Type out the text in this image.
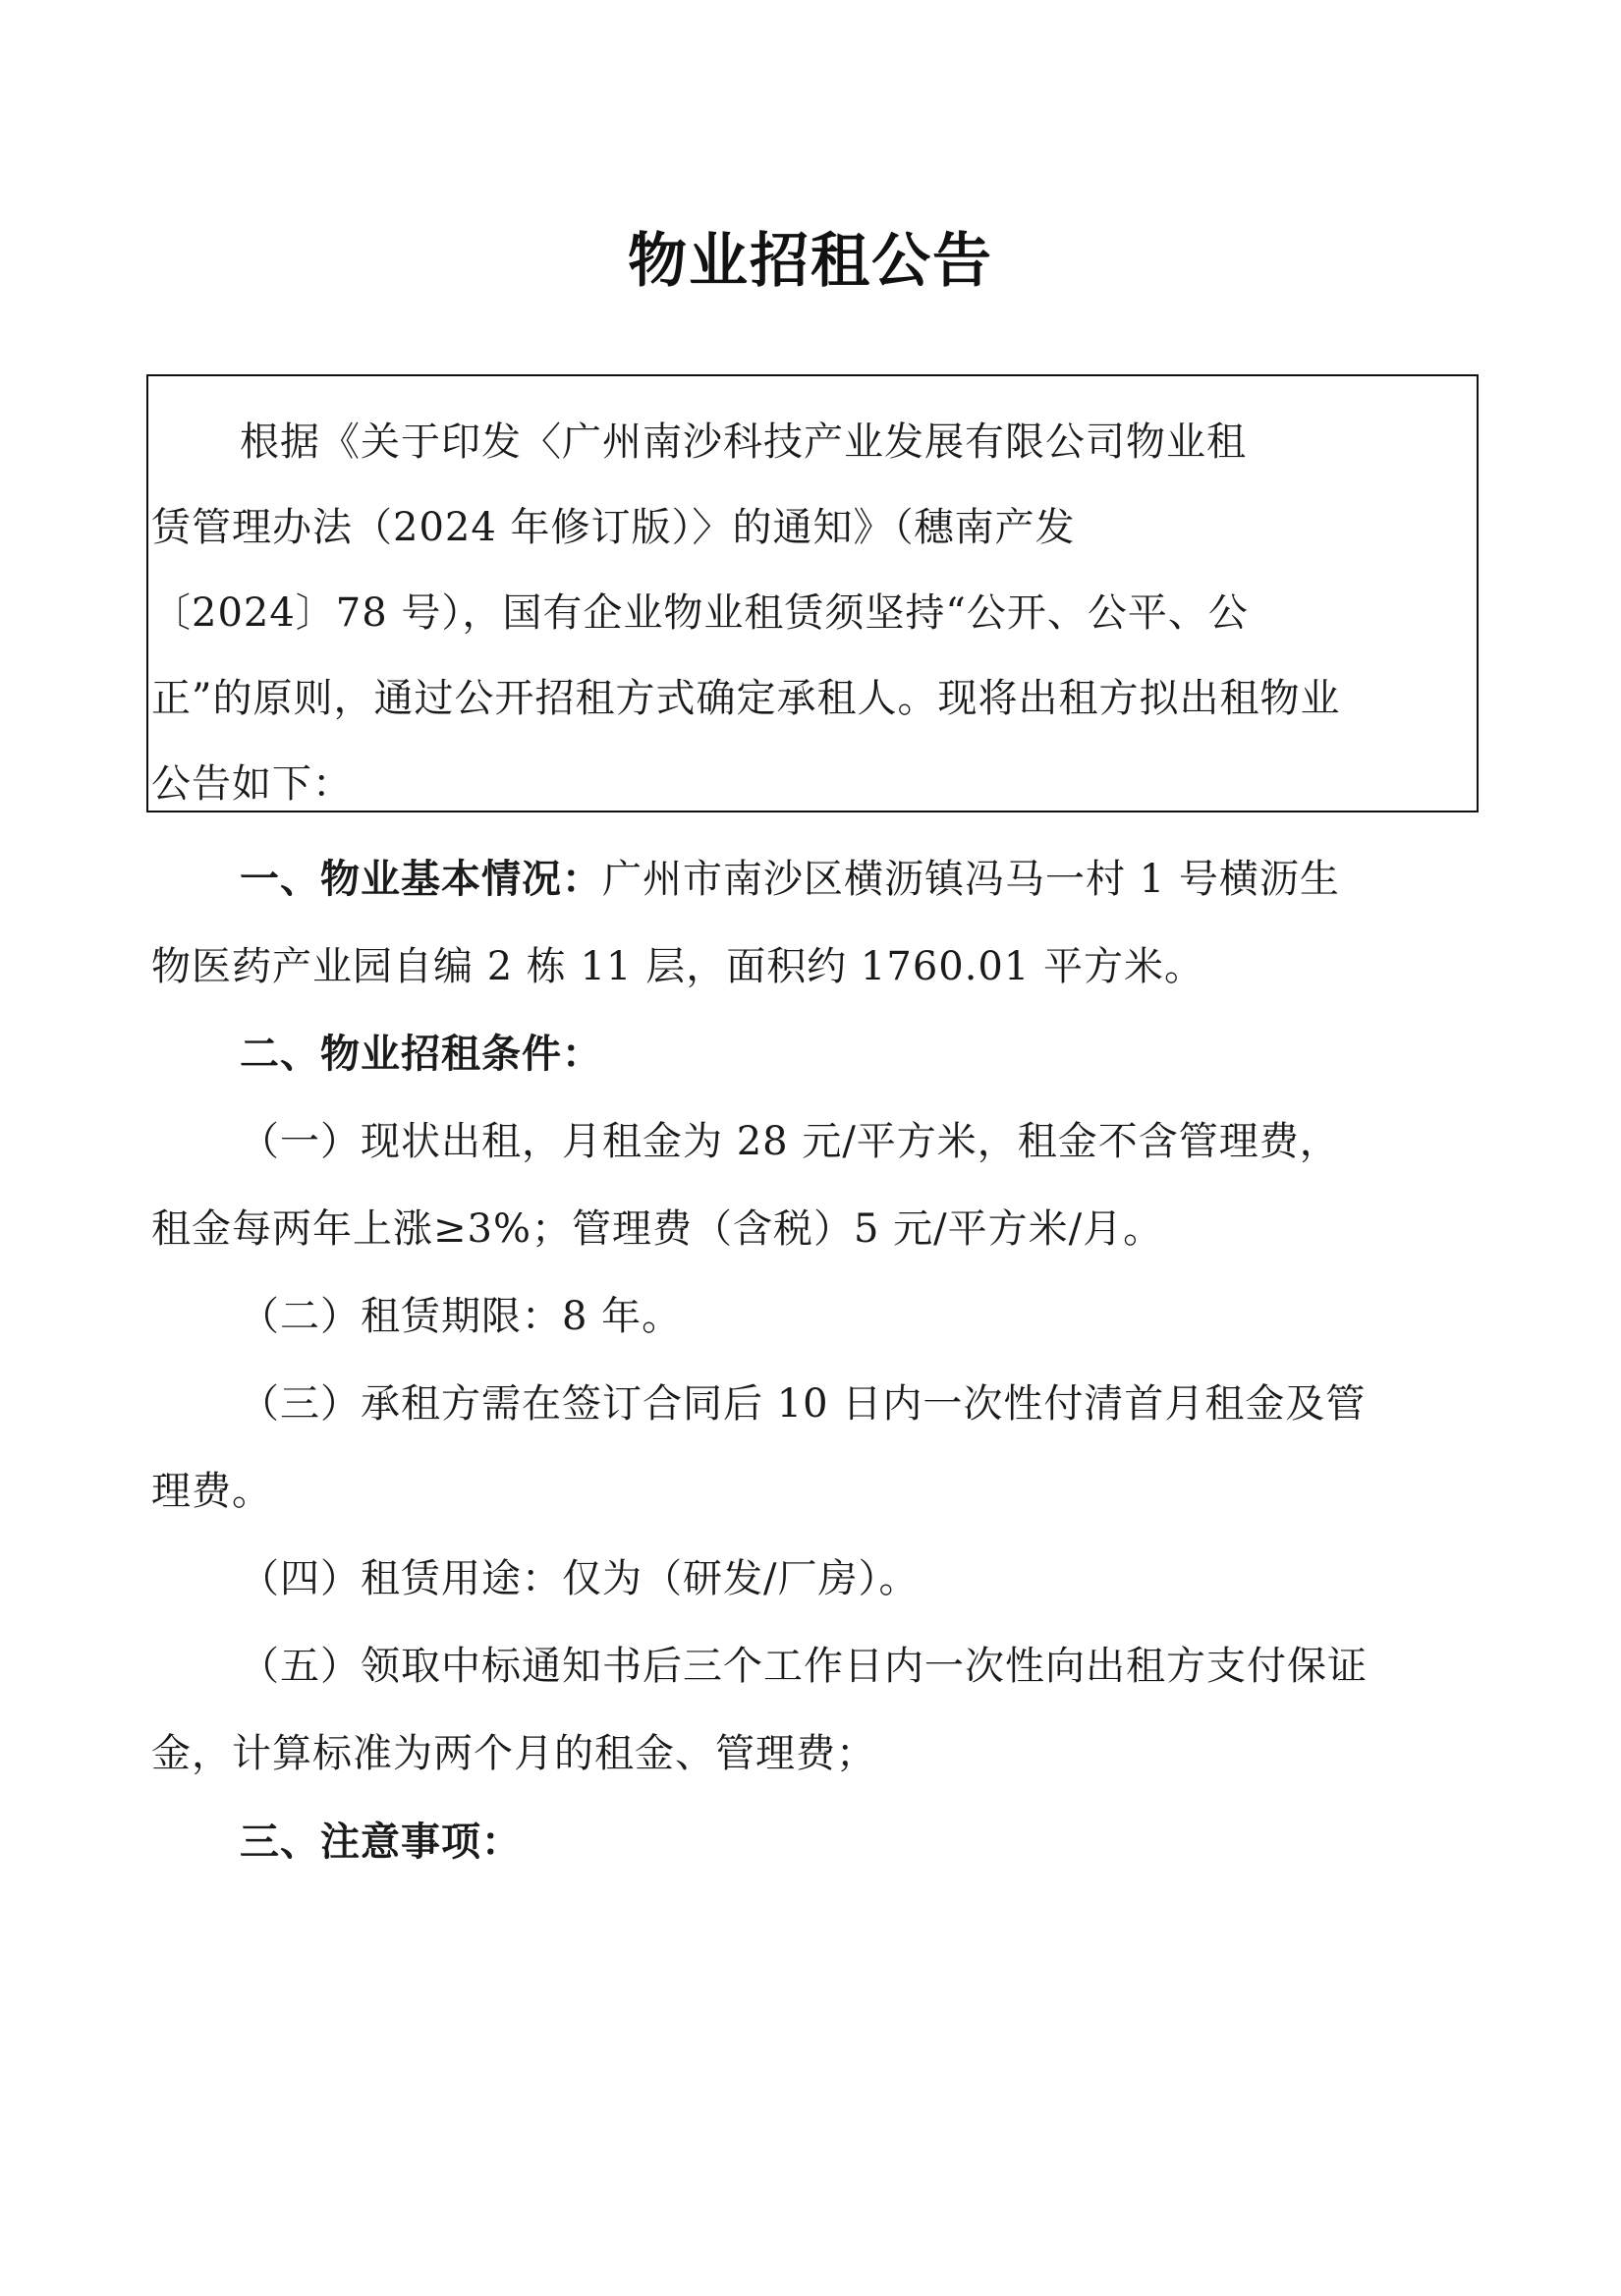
物业招租公告
根据《关于印发〈广州南沙科技产业发展有限公司物业租
赁管理办法（2024 年修订版）〉的通知》（穗南产发
〔2024〕78 号），国有企业物业租赁须坚持“公开、公平、公
正”的原则，通过公开招租方式确定承租人。现将出租方拟出租物业
公告如下：
一、物业基本情况：广州市南沙区横沥镇冯马一村 1 号横沥生
物医药产业园自编 2 栋 11 层，面积约 1760.01 平方米。
二、物业招租条件：
（一）现状出租，月租金为 28 元/平方米，租金不含管理费，
租金每两年上涨≥3%；管理费（含税）5 元/平方米/月。
（二）租赁期限：8 年。
（三）承租方需在签订合同后 10 日内一次性付清首月租金及管
理费。
（四）租赁用途：仅为（研发/厂房）。
（五）领取中标通知书后三个工作日内一次性向出租方支付保证
金，计算标准为两个月的租金、管理费；
三、注意事项：
